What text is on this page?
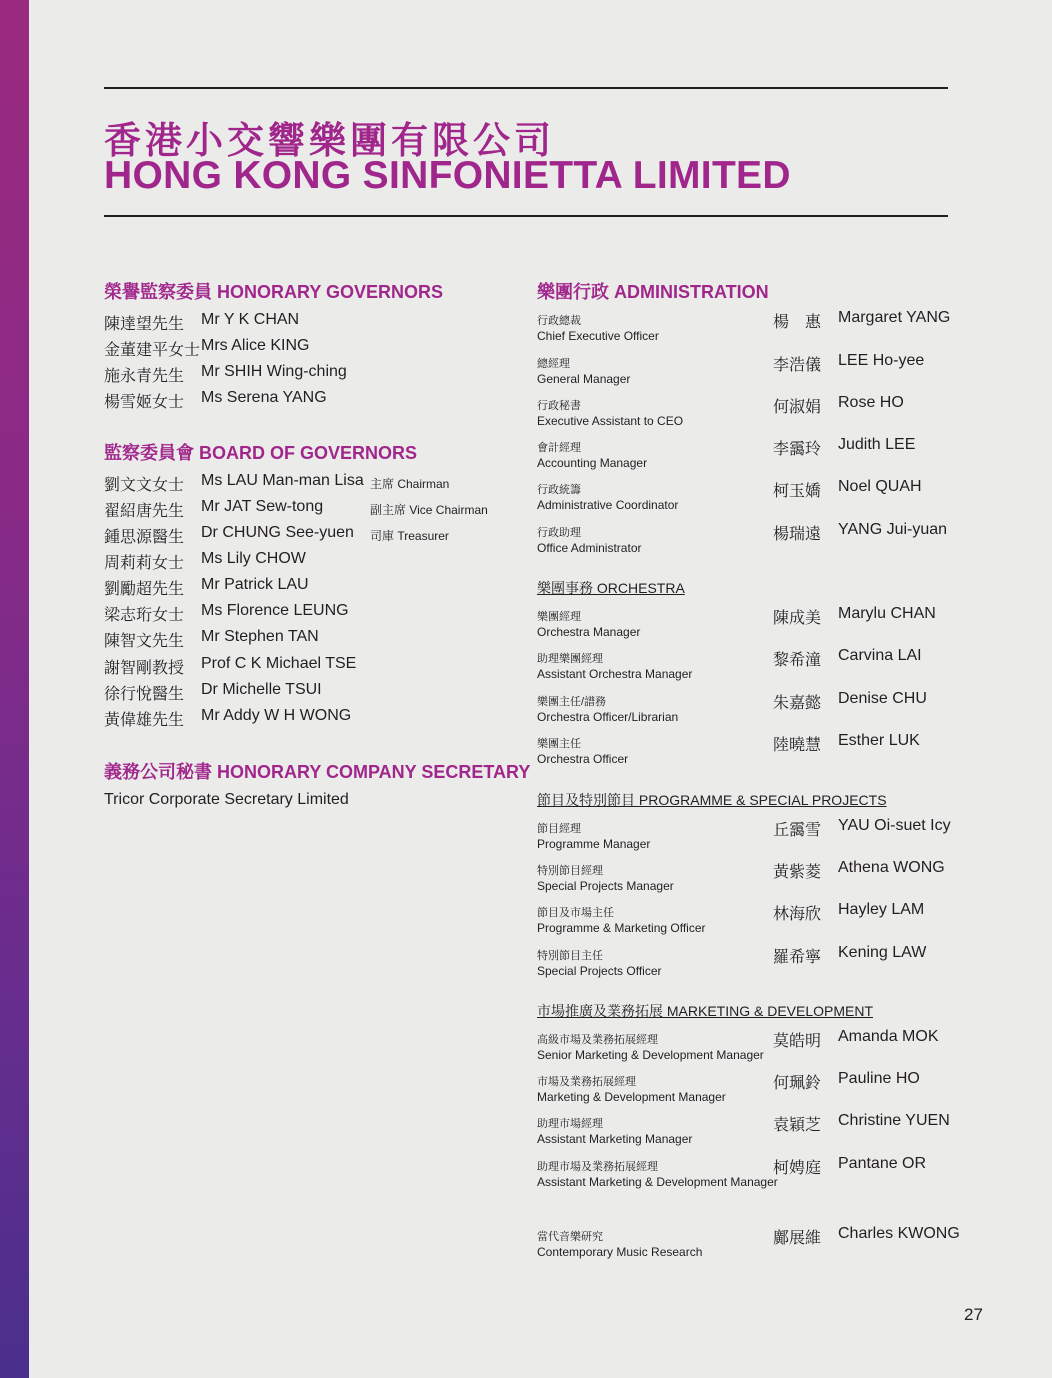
香港小交響樂團有限公司
HONG KONG SINFONIETTA LIMITED
榮譽監察委員 HONORARY GOVERNORS
陳達望先生 Mr Y K CHAN
金董建平女士 Mrs Alice KING
施永青先生 Mr SHIH Wing-ching
楊雪姬女士 Ms Serena YANG
監察委員會 BOARD OF GOVERNORS
劉文文女士 Ms LAU Man-man Lisa 主席 Chairman
翟紹唐先生 Mr JAT Sew-tong	副主席 Vice Chairman
鍾思源醫生 Dr CHUNG See-yuen 司庫 Treasurer
周莉莉女士 Ms Lily CHOW
劉勵超先生 Mr Patrick LAU
梁志珩女士 Ms Florence LEUNG
陳智文先生 Mr Stephen TAN
謝智剛教授 Prof C K Michael TSE
徐行悅醫生 Dr Michelle TSUI
黃偉雄先生 Mr Addy W H WONG
義務公司秘書 HONORARY COMPANY SECRETARY
Tricor Corporate Secretary Limited
樂團行政 ADMINISTRATION
行政總裁
Chief Executive Officer
楊　惠 Margaret YANG
總經理
General Manager
李浩儀 LEE Ho-yee
行政秘書
Executive Assistant to CEO
何淑娟 Rose HO
會計經理
Accounting Manager
李靄玲 Judith LEE
行政統籌
Administrative Coordinator
柯玉嬌 Noel QUAH
行政助理
Office Administrator
楊瑞遠 YANG Jui-yuan
樂團事務 ORCHESTRA
樂團經理
Orchestra Manager
陳成美 Marylu CHAN
助理樂團經理
Assistant Orchestra Manager
黎希潼 Carvina LAI
樂團主任/譜務
Orchestra Officer/Librarian
朱嘉懿 Denise CHU
樂團主任
Orchestra Officer
陸曉慧 Esther LUK
節目及特別節目 PROGRAMME & SPECIAL PROJECTS
節目經理
Programme Manager
丘靄雪 YAU Oi-suet Icy
特別節目經理
Special Projects Manager
黃紫菱 Athena WONG
節目及市場主任
Programme & Marketing Officer
林海欣 Hayley LAM
特別節目主任
Special Projects Officer
羅希寧 Kening LAW
市場推廣及業務拓展 MARKETING & DEVELOPMENT
高級市場及業務拓展經理
Senior Marketing & Development Manager
莫皓明 Amanda MOK
市場及業務拓展經理
Marketing & Development Manager
何珮鈴 Pauline HO
助理市場經理
Assistant Marketing Manager
袁穎芝 Christine YUEN
助理市場及業務拓展經理
Assistant Marketing & Development Manager
柯娉庭 Pantane OR
當代音樂研究
Contemporary Music Research
鄺展維 Charles KWONG
27
